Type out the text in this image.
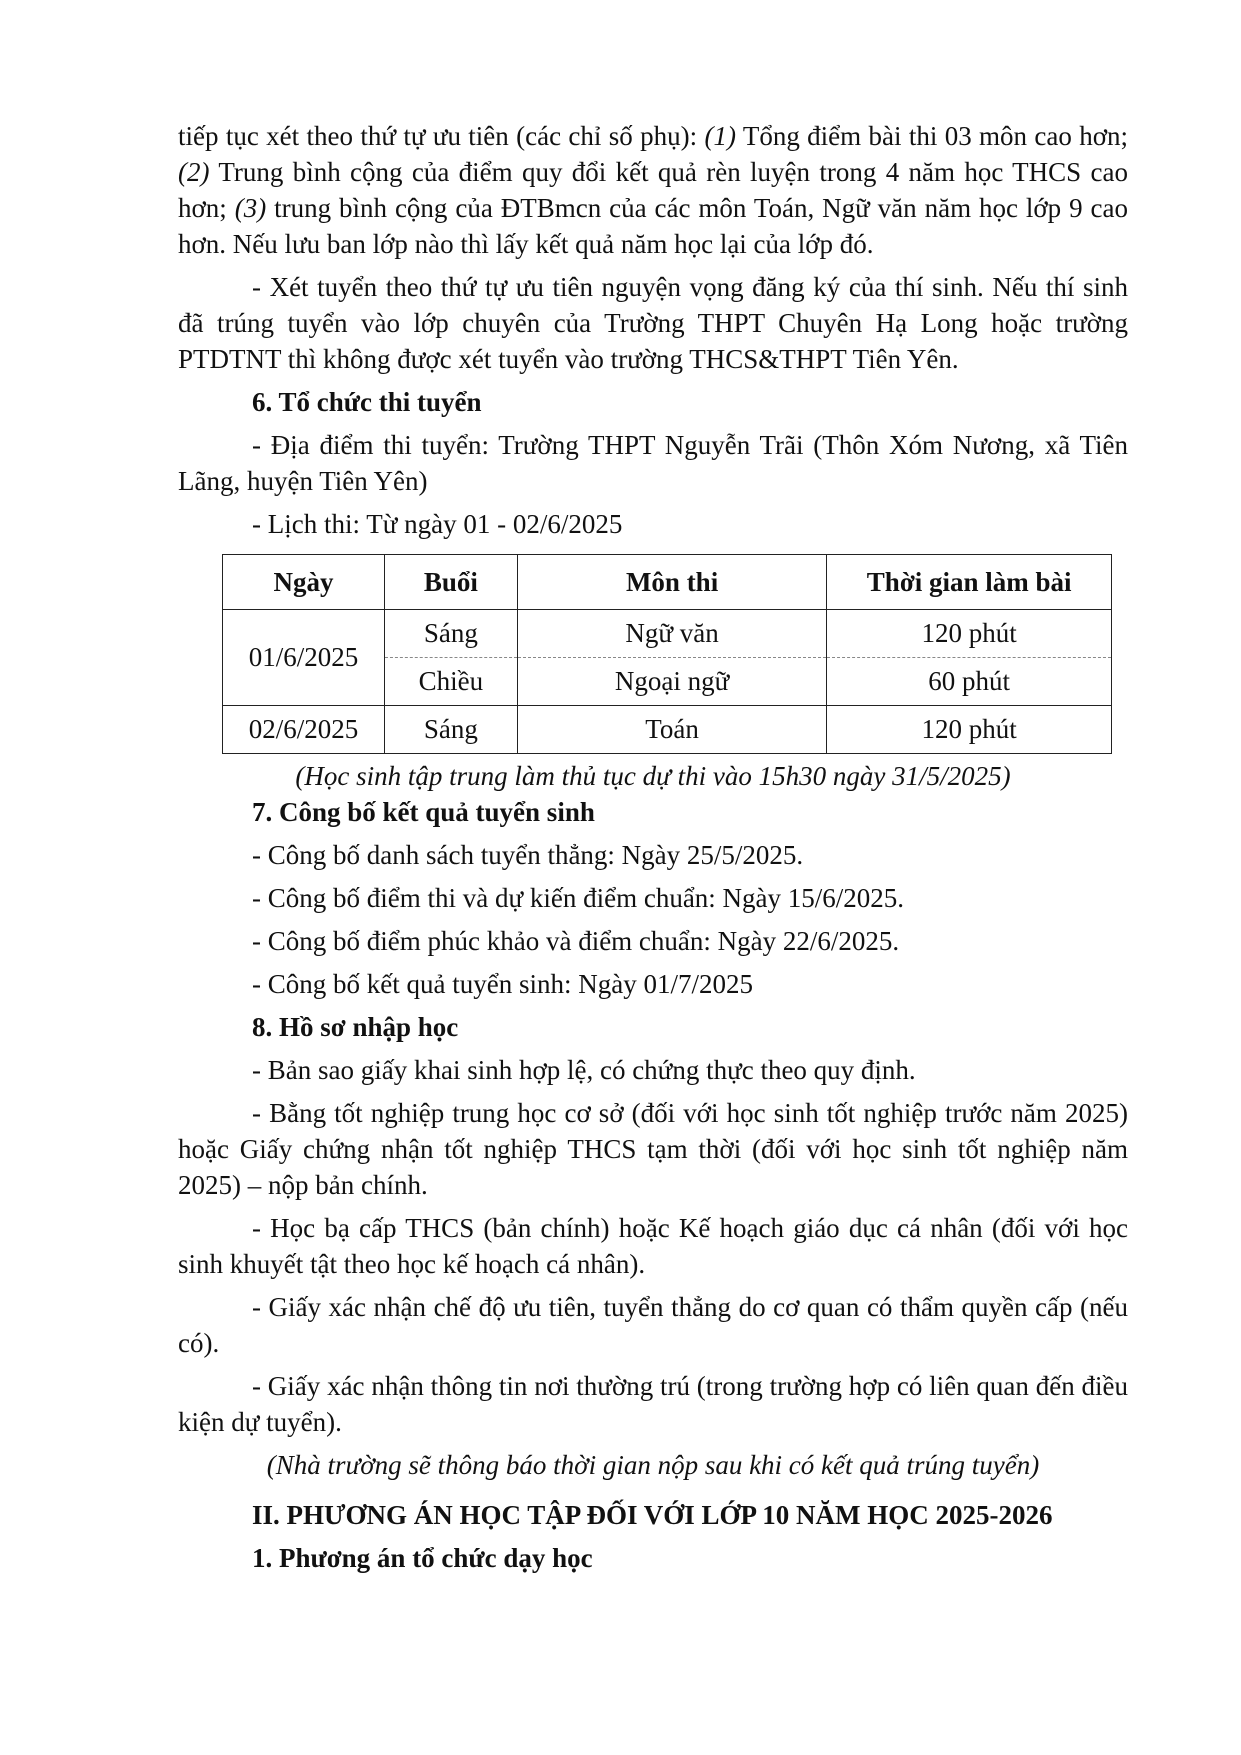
tiếp tục xét theo thứ tự ưu tiên (các chỉ số phụ): (1) Tổng điểm bài thi 03 môn cao hơn; (2) Trung bình cộng của điểm quy đổi kết quả rèn luyện trong 4 năm học THCS cao hơn; (3) trung bình cộng của ĐTBmcn của các môn Toán, Ngữ văn năm học lớp 9 cao hơn. Nếu lưu ban lớp nào thì lấy kết quả năm học lại của lớp đó.

- Xét tuyển theo thứ tự ưu tiên nguyện vọng đăng ký của thí sinh. Nếu thí sinh đã trúng tuyển vào lớp chuyên của Trường THPT Chuyên Hạ Long hoặc trường PTDTNT thì không được xét tuyển vào trường THCS&THPT Tiên Yên.

6. Tổ chức thi tuyển

- Địa điểm thi tuyển: Trường THPT Nguyễn Trãi (Thôn Xóm Nương, xã Tiên Lãng, huyện Tiên Yên)

- Lịch thi: Từ ngày 01 - 02/6/2025

Ngày	Buổi	Môn thi	Thời gian làm bài
01/6/2025	Sáng	Ngữ văn	120 phút
	Chiều	Ngoại ngữ	60 phút
02/6/2025	Sáng	Toán	120 phút

(Học sinh tập trung làm thủ tục dự thi vào 15h30 ngày 31/5/2025)

7. Công bố kết quả tuyển sinh

- Công bố danh sách tuyển thẳng: Ngày 25/5/2025.

- Công bố điểm thi và dự kiến điểm chuẩn: Ngày 15/6/2025.

- Công bố điểm phúc khảo và điểm chuẩn: Ngày 22/6/2025.

- Công bố kết quả tuyển sinh: Ngày 01/7/2025

8. Hồ sơ nhập học

- Bản sao giấy khai sinh hợp lệ, có chứng thực theo quy định.

- Bằng tốt nghiệp trung học cơ sở (đối với học sinh tốt nghiệp trước năm 2025) hoặc Giấy chứng nhận tốt nghiệp THCS tạm thời (đối với học sinh tốt nghiệp năm 2025) – nộp bản chính.

- Học bạ cấp THCS (bản chính) hoặc Kế hoạch giáo dục cá nhân (đối với học sinh khuyết tật theo học kế hoạch cá nhân).

- Giấy xác nhận chế độ ưu tiên, tuyển thẳng do cơ quan có thẩm quyền cấp (nếu có).

- Giấy xác nhận thông tin nơi thường trú (trong trường hợp có liên quan đến điều kiện dự tuyển).

(Nhà trường sẽ thông báo thời gian nộp sau khi có kết quả trúng tuyển)

II. PHƯƠNG ÁN HỌC TẬP ĐỐI VỚI LỚP 10 NĂM HỌC 2025-2026

1. Phương án tổ chức dạy học
